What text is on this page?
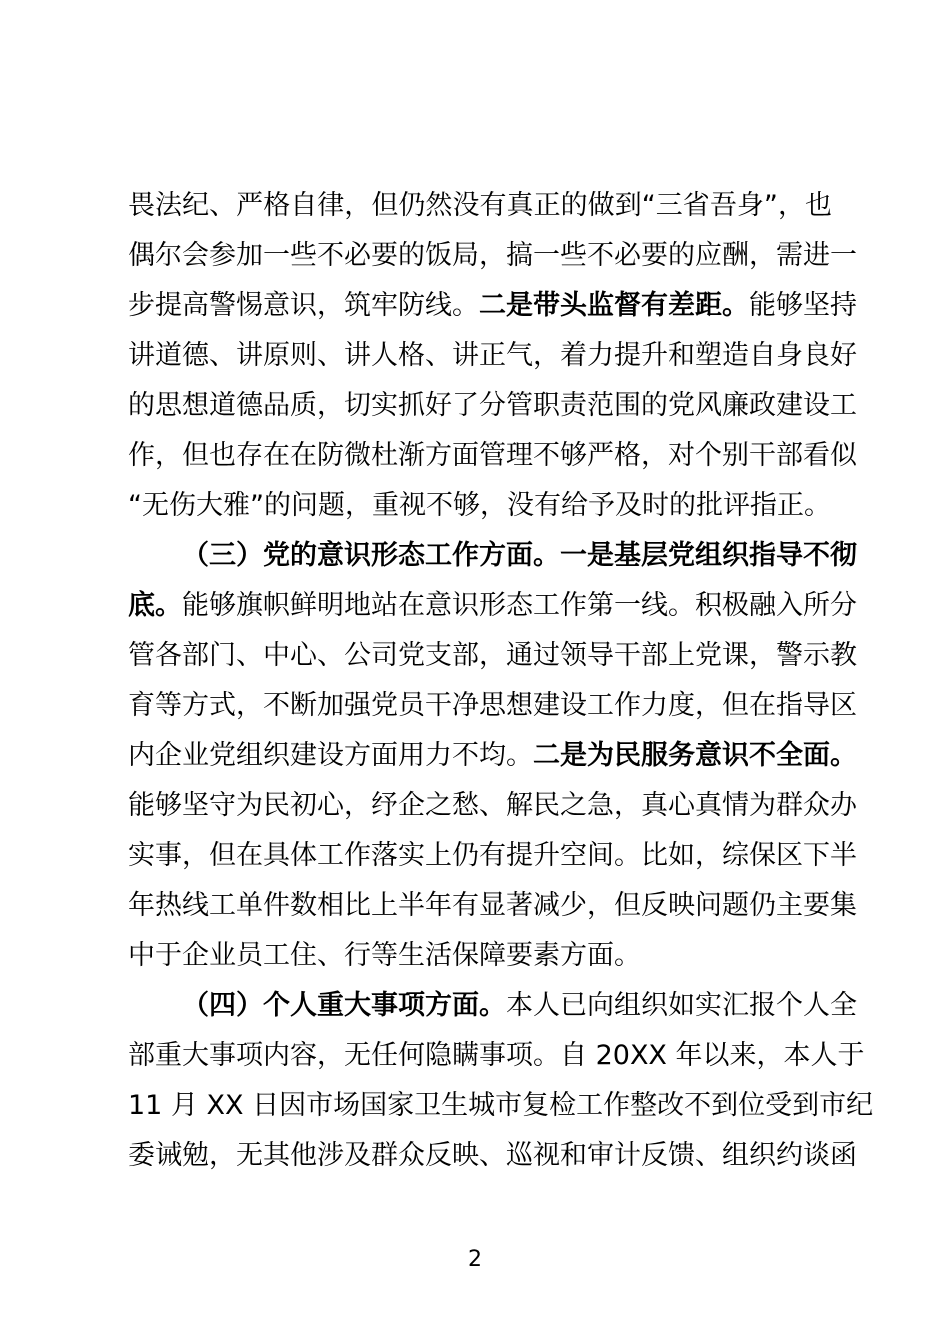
畏法纪、严格自律，但仍然没有真正的做到“三省吾身”，也
偶尔会参加一些不必要的饭局，搞一些不必要的应酬，需进一
步提高警惕意识，筑牢防线。二是带头监督有差距。能够坚持
讲道德、讲原则、讲人格、讲正气，着力提升和塑造自身良好
的思想道德品质，切实抓好了分管职责范围的党风廉政建设工
作，但也存在在防微杜渐方面管理不够严格，对个别干部看似
“无伤大雅”的问题，重视不够，没有给予及时的批评指正。
（三）党的意识形态工作方面。一是基层党组织指导不彻
底。能够旗帜鲜明地站在意识形态工作第一线。积极融入所分
管各部门、中心、公司党支部，通过领导干部上党课，警示教
育等方式，不断加强党员干净思想建设工作力度，但在指导区
内企业党组织建设方面用力不均。二是为民服务意识不全面。
能够坚守为民初心，纾企之愁、解民之急，真心真情为群众办
实事，但在具体工作落实上仍有提升空间。比如，综保区下半
年热线工单件数相比上半年有显著减少，但反映问题仍主要集
中于企业员工住、行等生活保障要素方面。
（四）个人重大事项方面。本人已向组织如实汇报个人全
部重大事项内容，无任何隐瞒事项。自 20XX 年以来，本人于
11 月 XX 日因市场国家卫生城市复检工作整改不到位受到市纪
委诫勉，无其他涉及群众反映、巡视和审计反馈、组织约谈函
2
